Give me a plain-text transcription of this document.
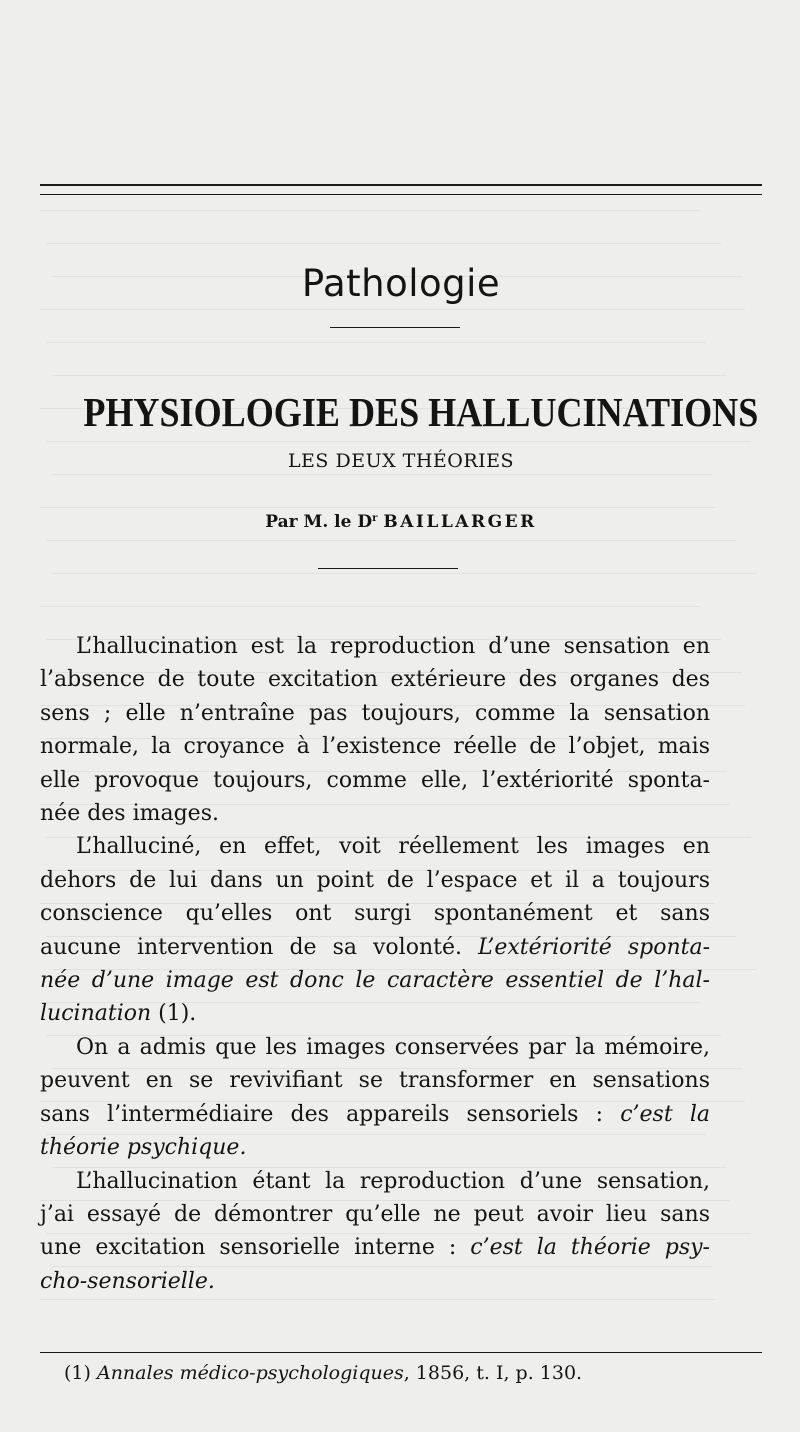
Pathologie
PHYSIOLOGIE DES HALLUCINATIONS
LES DEUX THÉORIES
Par M. le $D^r$ BAILLARGER

L’hallucination est la reproduction d’une sensation en
l’absence de toute excitation extérieure des organes des
sens ; elle n’entraîne pas toujours, comme la sensation
normale, la croyance à l’existence réelle de l’objet, mais
elle provoque toujours, comme elle, l’extériorité sponta-
née des images.

L’halluciné, en effet, voit réellement les images en
dehors de lui dans un point de l’espace et il a toujours
conscience qu’elles ont surgi spontanément et sans
aucune intervention de sa volonté. L’extériorité sponta-
née d’une image est donc le caractère essentiel de l’hal-
lucination (1).

On a admis que les images conservées par la mémoire,
peuvent en se revivifiant se transformer en sensations
sans l’intermédiaire des appareils sensoriels : c’est la
théorie psychique.

L’hallucination étant la reproduction d’une sensation,
j’ai essayé de démontrer qu’elle ne peut avoir lieu sans
une excitation sensorielle interne : c’est la théorie psy-
cho-sensorielle.

(1) Annales médico-psychologiques, 1856, t. I, p. 130.
